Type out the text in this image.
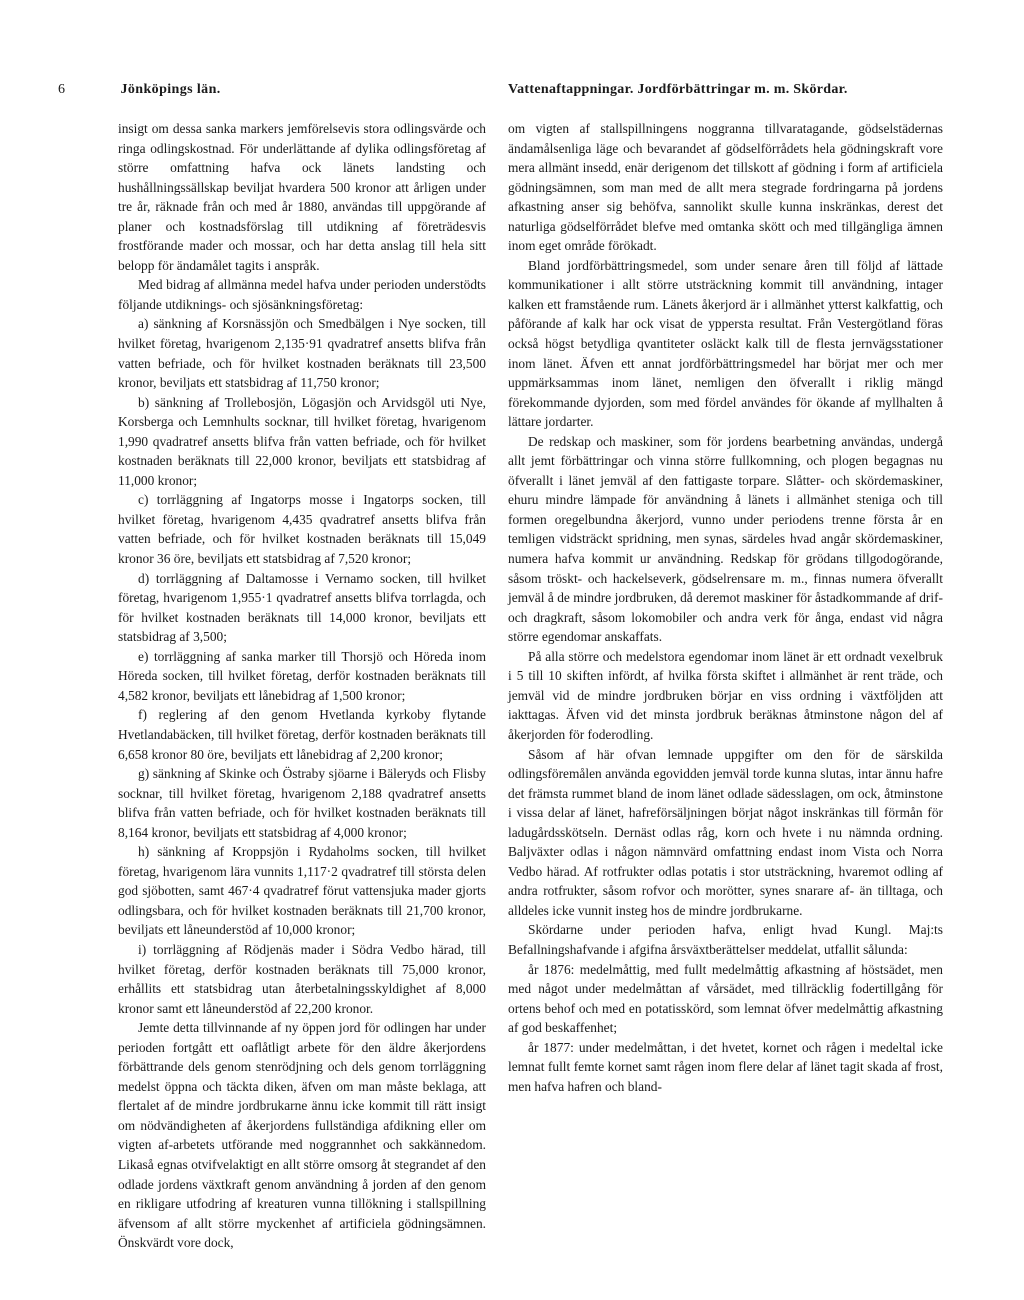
6	Jönköpings län.	Vattenaftappningar. Jordförbättringar m. m. Skördar.

insigt om dessa sanka markers jemförelsevis stora odlingsvärde och ringa odlingskostnad. För underlättande af dylika odlingsföretag af större omfattning hafva ock länets landsting och hushållningssällskap beviljat hvardera 500 kronor att årligen under tre år, räknade från och med år 1880, användas till uppgörande af planer och kostnadsförslag till utdikning af företrädesvis frostförande mader och mossar, och har detta anslag till hela sitt belopp för ändamålet tagits i anspråk.

Med bidrag af allmänna medel hafva under perioden understödts följande utdiknings- och sjösänkningsföretag:

a) sänkning af Korsnässjön och Smedbälgen i Nye socken, till hvilket företag, hvarigenom 2,135·91 qvadratref ansetts blifva från vatten befriade, och för hvilket kostnaden beräknats till 23,500 kronor, beviljats ett statsbidrag af 11,750 kronor;

b) sänkning af Trollebosjön, Lögasjön och Arvidsgöl uti Nye, Korsberga och Lemnhults socknar, till hvilket företag, hvarigenom 1,990 qvadratref ansetts blifva från vatten befriade, och för hvilket kostnaden beräknats till 22,000 kronor, beviljats ett statsbidrag af 11,000 kronor;

c) torrläggning af Ingatorps mosse i Ingatorps socken, till hvilket företag, hvarigenom 4,435 qvadratref ansetts blifva från vatten befriade, och för hvilket kostnaden beräknats till 15,049 kronor 36 öre, beviljats ett statsbidrag af 7,520 kronor;

d) torrläggning af Daltamosse i Vernamo socken, till hvilket företag, hvarigenom 1,955·1 qvadratref ansetts blifva torrlagda, och för hvilket kostnaden beräknats till 14,000 kronor, beviljats ett statsbidrag af 3,500;

e) torrläggning af sanka marker till Thorsjö och Höreda inom Höreda socken, till hvilket företag, derför kostnaden beräknats till 4,582 kronor, beviljats ett lånebidrag af 1,500 kronor;

f) reglering af den genom Hvetlanda kyrkoby flytande Hvetlandabäcken, till hvilket företag, derför kostnaden beräknats till 6,658 kronor 80 öre, beviljats ett lånebidrag af 2,200 kronor;

g) sänkning af Skinke och Östraby sjöarne i Bäleryds och Flisby socknar, till hvilket företag, hvarigenom 2,188 qvadratref ansetts blifva från vatten befriade, och för hvilket kostnaden beräknats till 8,164 kronor, beviljats ett statsbidrag af 4,000 kronor;

h) sänkning af Kroppsjön i Rydaholms socken, till hvilket företag, hvarigenom lära vunnits 1,117·2 qvadratref till största delen god sjöbotten, samt 467·4 qvadratref förut vattensjuka mader gjorts odlingsbara, och för hvilket kostnaden beräknats till 21,700 kronor, beviljats ett låneunderstöd af 10,000 kronor;

i) torrläggning af Rödjenäs mader i Södra Vedbo härad, till hvilket företag, derför kostnaden beräknats till 75,000 kronor, erhållits ett statsbidrag utan återbetalningsskyldighet af 8,000 kronor samt ett låneunderstöd af 22,200 kronor.

Jemte detta tillvinnande af ny öppen jord för odlingen har under perioden fortgått ett oaflåtligt arbete för den äldre åkerjordens förbättrande dels genom stenrödjning och dels genom torrläggning medelst öppna och täckta diken, äfven om man måste beklaga, att flertalet af de mindre jordbrukarne ännu icke kommit till rätt insigt om nödvändigheten af åkerjordens fullständiga afdikning eller om vigten af-arbetets utförande med noggrannhet och sakkännedom. Likaså egnas otvifvelaktigt en allt större omsorg åt stegrandet af den odlade jordens växtkraft genom användning å jorden af den genom en rikligare utfodring af kreaturen vunna tillökning i stallspillning äfvensom af allt större myckenhet af artificiela gödningsämnen. Önskvärdt vore dock,

om vigten af stallspillningens noggranna tillvaratagande, gödselstädernas ändamålsenliga läge och bevarandet af gödselförrådets hela gödningskraft vore mera allmänt insedd, enär derigenom det tillskott af gödning i form af artificiela gödningsämnen, som man med de allt mera stegrade fordringarna på jordens afkastning anser sig behöfva, sannolikt skulle kunna inskränkas, derest det naturliga gödselförrådet blefve med omtanka skött och med tillgängliga ämnen inom eget område förökadt.

Bland jordförbättringsmedel, som under senare åren till följd af lättade kommunikationer i allt större utsträckning kommit till användning, intager kalken ett framstående rum. Länets åkerjord är i allmänhet ytterst kalkfattig, och påförande af kalk har ock visat de yppersta resultat. Från Vestergötland föras också högst betydliga qvantiteter osläckt kalk till de flesta jernvägsstationer inom länet. Äfven ett annat jordförbättringsmedel har börjat mer och mer uppmärksammas inom länet, nemligen den öfverallt i riklig mängd förekommande dyjorden, som med fördel användes för ökande af myllhalten å lättare jordarter.

De redskap och maskiner, som för jordens bearbetning användas, undergå allt jemt förbättringar och vinna större fullkomning, och plogen begagnas nu öfverallt i länet jemväl af den fattigaste torpare. Slåtter- och skördemaskiner, ehuru mindre lämpade för användning å länets i allmänhet steniga och till formen oregelbundna åkerjord, vunno under periodens trenne första år en temligen vidsträckt spridning, men synas, särdeles hvad angår skördemaskiner, numera hafva kommit ur användning. Redskap för grödans tillgodogörande, såsom tröskt- och hackelseverk, gödselrensare m. m., finnas numera öfverallt jemväl å de mindre jordbruken, då deremot maskiner för åstadkommande af drif- och dragkraft, såsom lokomobiler och andra verk för ånga, endast vid några större egendomar anskaffats.

På alla större och medelstora egendomar inom länet är ett ordnadt vexelbruk i 5 till 10 skiften infördt, af hvilka första skiftet i allmänhet är rent träde, och jemväl vid de mindre jordbruken börjar en viss ordning i växtföljden att iakttagas. Äfven vid det minsta jordbruk beräknas åtminstone någon del af åkerjorden för foderodling.

Såsom af här ofvan lemnade uppgifter om den för de särskilda odlingsföremålen använda egovidden jemväl torde kunna slutas, intar ännu hafre det främsta rummet bland de inom länet odlade sädesslagen, om ock, åtminstone i vissa delar af länet, hafreförsäljningen börjat något inskränkas till förmån för ladugårdsskötseln. Dernäst odlas råg, korn och hvete i nu nämnda ordning. Baljväxter odlas i någon nämnvärd omfattning endast inom Vista och Norra Vedbo härad. Af rotfrukter odlas potatis i stor utsträckning, hvaremot odling af andra rotfrukter, såsom rofvor och morötter, synes snarare af- än tilltaga, och alldeles icke vunnit insteg hos de mindre jordbrukarne.

Skördarne under perioden hafva, enligt hvad Kungl. Maj:ts Befallningshafvande i afgifna årsväxtberättelser meddelat, utfallit sålunda:

år 1876: medelmåttig, med fullt medelmåttig afkastning af höstsädet, men med något under medelmåttan af vårsädet, med tillräcklig fodertillgång för ortens behof och med en potatisskörd, som lemnat öfver medelmåttig afkastning af god beskaffenhet;

år 1877: under medelmåttan, i det hvetet, kornet och rågen i medeltal icke lemnat fullt femte kornet samt rågen inom flere delar af länet tagit skada af frost, men hafva hafren och bland-
